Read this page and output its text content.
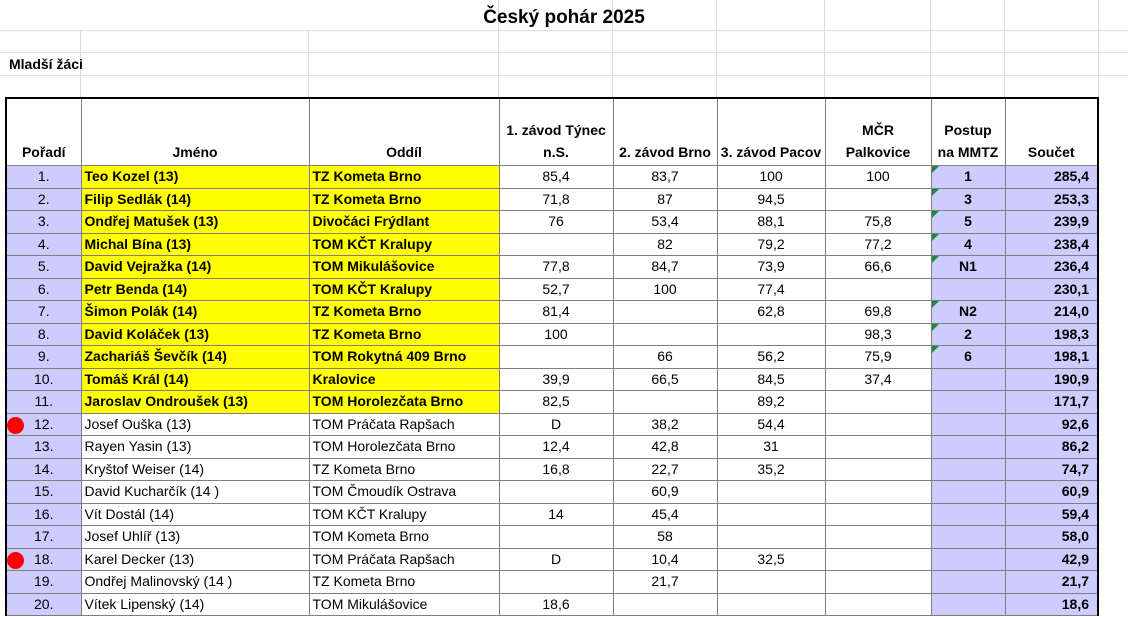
Český pohár 2025
Mladší žáci
Pořadí	Jméno	Oddíl	1. závod Týnec n.S.	2. závod Brno	3. závod Pacov	MČR Palkovice	Postup na MMTZ	Součet
1.	Teo Kozel (13)	TZ Kometa Brno	85,4	83,7	100	100	1	285,4
2.	Filip Sedlák (14)	TZ Kometa Brno	71,8	87	94,5		3	253,3
3.	Ondřej Matušek (13)	Divočáci Frýdlant	76	53,4	88,1	75,8	5	239,9
4.	Michal Bína (13)	TOM KČT Kralupy		82	79,2	77,2	4	238,4
5.	David Vejražka (14)	TOM Mikulášovice	77,8	84,7	73,9	66,6	N1	236,4
6.	Petr Benda (14)	TOM KČT Kralupy	52,7	100	77,4			230,1
7.	Šimon Polák (14)	TZ Kometa Brno	81,4		62,8	69,8	N2	214,0
8.	David Koláček (13)	TZ Kometa Brno	100			98,3	2	198,3
9.	Zachariáš Ševčík (14)	TOM Rokytná 409 Brno		66	56,2	75,9	6	198,1
10.	Tomáš Král (14)	Kralovice	39,9	66,5	84,5	37,4		190,9
11.	Jaroslav Ondroušek (13)	TOM Horolezčata Brno	82,5		89,2			171,7

12.	Josef Ouška (13)	TOM Práčata Rapšach	D	38,2	54,4			92,6
13.	Rayen Yasin (13)	TOM Horolezčata Brno	12,4	42,8	31			86,2
14.	Kryštof Weiser (14)	TZ Kometa Brno	16,8	22,7	35,2			74,7
15.	David Kucharčík (14 )	TOM Čmoudík Ostrava		60,9				60,9
16.	Vít Dostál (14)	TOM KČT Kralupy	14	45,4				59,4
17.	Josef Uhlíř (13)	TOM Kometa Brno		58				58,0

18.	Karel Decker (13)	TOM Práčata Rapšach	D	10,4	32,5			42,9
19.	Ondřej Malinovský (14 )	TZ Kometa Brno		21,7				21,7
20.	Vítek Lipenský (14)	TOM Mikulášovice	18,6					18,6
